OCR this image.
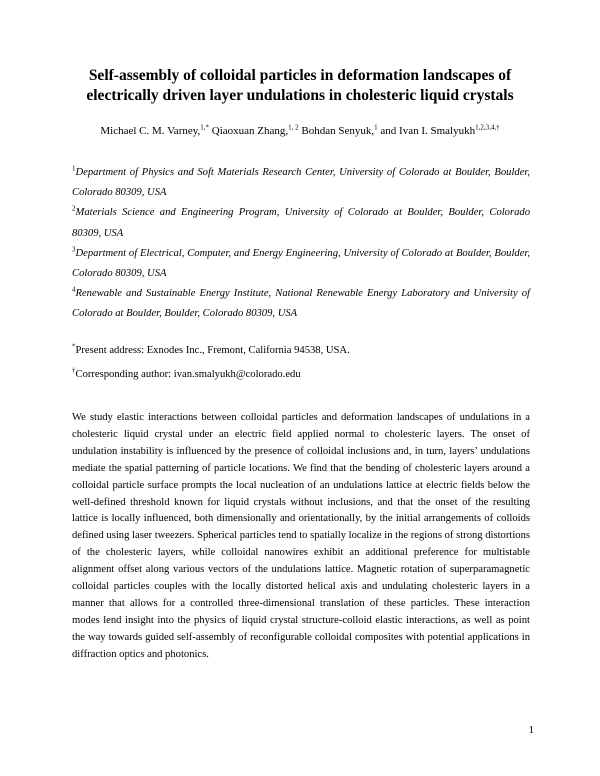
Self-assembly of colloidal particles in deformation landscapes of electrically driven layer undulations in cholesteric liquid crystals
Michael C. M. Varney,$^{1,*}$ Qiaoxuan Zhang,$^{1, 2}$ Bohdan Senyuk,$^1$ and Ivan I. Smalyukh$^{1,2,3,4,\dagger}$
$^1$Department of Physics and Soft Materials Research Center, University of Colorado at Boulder, Boulder, Colorado 80309, USA
$^2$Materials Science and Engineering Program, University of Colorado at Boulder, Boulder, Colorado 80309, USA
$^3$Department of Electrical, Computer, and Energy Engineering, University of Colorado at Boulder, Boulder, Colorado 80309, USA
$^4$Renewable and Sustainable Energy Institute, National Renewable Energy Laboratory and University of Colorado at Boulder, Boulder, Colorado 80309, USA
*Present address: Exnodes Inc., Fremont, California 94538, USA.
†Corresponding author: ivan.smalyukh@colorado.edu
We study elastic interactions between colloidal particles and deformation landscapes of undulations in a cholesteric liquid crystal under an electric field applied normal to cholesteric layers. The onset of undulation instability is influenced by the presence of colloidal inclusions and, in turn, layers’ undulations mediate the spatial patterning of particle locations. We find that the bending of cholesteric layers around a colloidal particle surface prompts the local nucleation of an undulations lattice at electric fields below the well-defined threshold known for liquid crystals without inclusions, and that the onset of the resulting lattice is locally influenced, both dimensionally and orientationally, by the initial arrangements of colloids defined using laser tweezers. Spherical particles tend to spatially localize in the regions of strong distortions of the cholesteric layers, while colloidal nanowires exhibit an additional preference for multistable alignment offset along various vectors of the undulations lattice. Magnetic rotation of superparamagnetic colloidal particles couples with the locally distorted helical axis and undulating cholesteric layers in a manner that allows for a controlled three-dimensional translation of these particles. These interaction modes lend insight into the physics of liquid crystal structure-colloid elastic interactions, as well as point the way towards guided self-assembly of reconfigurable colloidal composites with potential applications in diffraction optics and photonics.
1
